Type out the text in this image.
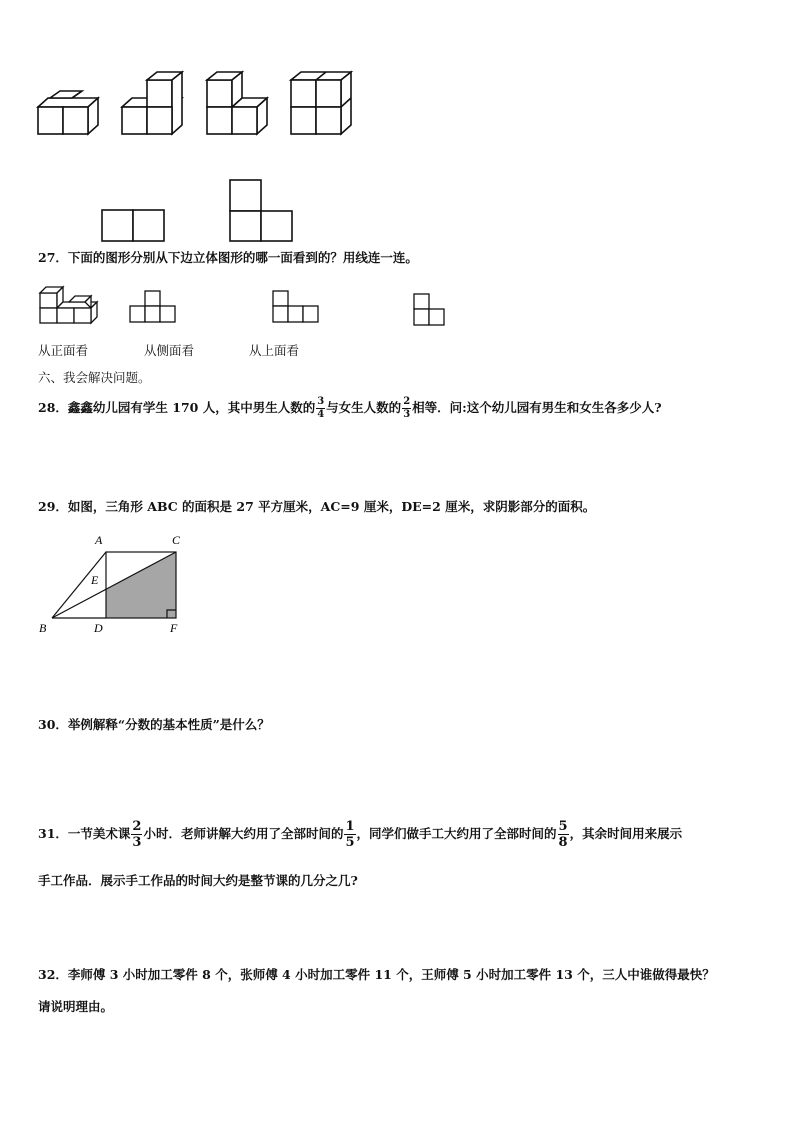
27．下面的图形分别从下边立体图形的哪一面看到的？用线连一连。
从正面看	从侧面看	从上面看
六、我会解决问题。
28．鑫鑫幼儿园有学生 170 人，其中男生人数的 $\frac{3}{4}$ 与女生人数的 $\frac{2}{3}$ 相等．问:这个幼儿园有男生和女生各多少人?
29．如图，三角形 ABC 的面积是 27 平方厘米，AC=9 厘米，DE=2 厘米，求阴影部分的面积。
A	C
E
B	D	F
30．举例解释“分数的基本性质”是什么？
31．一节美术课 $\frac{2}{3}$ 小时．老师讲解大约用了全部时间的 $\frac{1}{5}$ ，同学们做手工大约用了全部时间的 $\frac{5}{8}$ ，其余时间用来展示
手工作品．展示手工作品的时间大约是整节课的几分之几?
32．李师傅 3 小时加工零件 8 个，张师傅 4 小时加工零件 11 个，王师傅 5 小时加工零件 13 个，三人中谁做得最快？
请说明理由。
